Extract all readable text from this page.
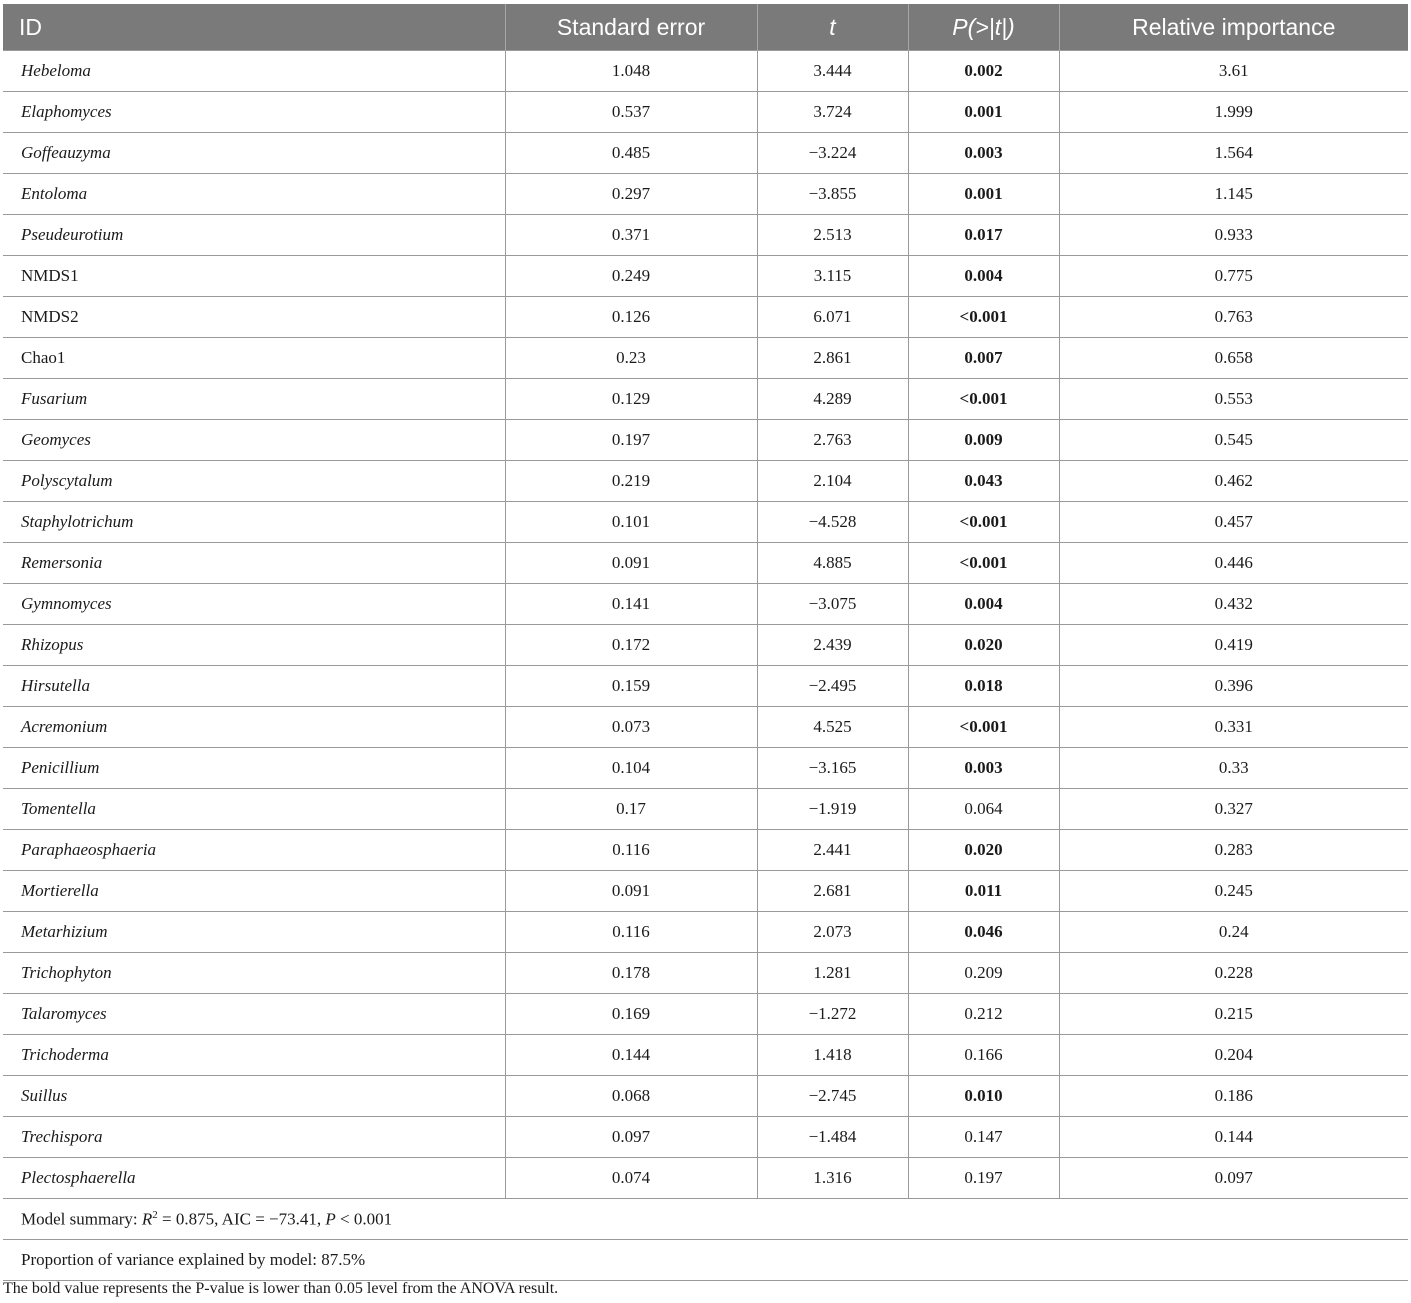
ID	Standard error	t	P(>|t|)	Relative importance
Hebeloma	1.048	3.444	0.002	3.61
Elaphomyces	0.537	3.724	0.001	1.999
Goffeauzyma	0.485	−3.224	0.003	1.564
Entoloma	0.297	−3.855	0.001	1.145
Pseudeurotium	0.371	2.513	0.017	0.933
NMDS1	0.249	3.115	0.004	0.775
NMDS2	0.126	6.071	<0.001	0.763
Chao1	0.23	2.861	0.007	0.658
Fusarium	0.129	4.289	<0.001	0.553
Geomyces	0.197	2.763	0.009	0.545
Polyscytalum	0.219	2.104	0.043	0.462
Staphylotrichum	0.101	−4.528	<0.001	0.457
Remersonia	0.091	4.885	<0.001	0.446
Gymnomyces	0.141	−3.075	0.004	0.432
Rhizopus	0.172	2.439	0.020	0.419
Hirsutella	0.159	−2.495	0.018	0.396
Acremonium	0.073	4.525	<0.001	0.331
Penicillium	0.104	−3.165	0.003	0.33
Tomentella	0.17	−1.919	0.064	0.327
Paraphaeosphaeria	0.116	2.441	0.020	0.283
Mortierella	0.091	2.681	0.011	0.245
Metarhizium	0.116	2.073	0.046	0.24
Trichophyton	0.178	1.281	0.209	0.228
Talaromyces	0.169	−1.272	0.212	0.215
Trichoderma	0.144	1.418	0.166	0.204
Suillus	0.068	−2.745	0.010	0.186
Trechispora	0.097	−1.484	0.147	0.144
Plectosphaerella	0.074	1.316	0.197	0.097
Model summary: $R^2 = 0.875$, AIC = −73.41, P < 0.001				
Proportion of variance explained by model: 87.5%				
The bold value represents the P-value is lower than 0.05 level from the ANOVA result.
